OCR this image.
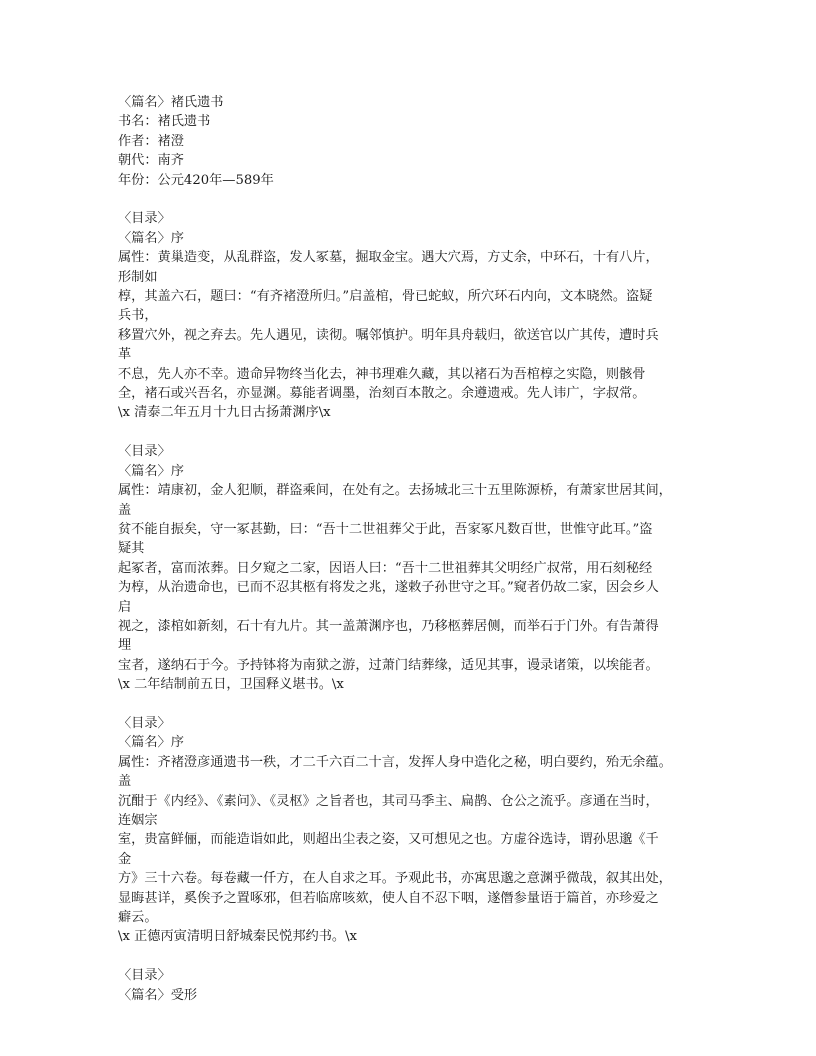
〈篇名〉褚氏遗书
书名：褚氏遗书
作者：褚澄
朝代：南齐
年份：公元420年—589年
〈目录〉
〈篇名〉序
属性：黄巢造变，从乱群盗，发人冢墓，掘取金宝。遇大穴焉，方丈余，中环石，十有八片，
形制如
椁，其盖六石，题曰：“有齐褚澄所归。”启盖棺，骨已蛇蚁，所穴环石内向，文本晓然。盗疑
兵书，
移置穴外，视之弃去。先人遇见，读彻。嘱邻慎护。明年具舟载归，欲送官以广其传，遭时兵
革
不息，先人亦不幸。遗命异物终当化去，神书理难久藏，其以褚石为吾棺椁之实隐，则骸骨
全，褚石或兴吾名，亦显渊。募能者调墨，治刻百本散之。余遵遗戒。先人讳广，字叔常。
\x 清泰二年五月十九日古扬萧渊序\x
〈目录〉
〈篇名〉序
属性：靖康初，金人犯顺，群盗乘间，在处有之。去扬城北三十五里陈源桥，有萧家世居其间，
盖
贫不能自振矣，守一冢甚勤，曰：“吾十二世祖葬父于此，吾家冢凡数百世，世惟守此耳。”盗
疑其
起冢者，富而浓葬。日夕窥之二家，因语人曰：“吾十二世祖葬其父明经广叔常，用石刻秘经
为椁，从治遗命也，已而不忍其柩有将发之兆，遂敕子孙世守之耳。”窥者仍故二家，因会乡人
启
视之，漆棺如新刻，石十有九片。其一盖萧渊序也，乃移柩葬居侧，而举石于门外。有告萧得
埋
宝者，遂纳石于今。予持钵将为南狱之游，过萧门结葬缘，适见其事，谩录诸策，以埃能者。
\x 二年结制前五日，卫国释义堪书。\x
〈目录〉
〈篇名〉序
属性：齐褚澄彦通遗书一秩，才二千六百二十言，发挥人身中造化之秘，明白要约，殆无余蕴。
盖
沉酣于《内经》、《素问》、《灵枢》之旨者也，其司马季主、扁鹊、仓公之流乎。彦通在当时，
连姻宗
室，贵富鲜俪，而能造诣如此，则超出尘表之姿，又可想见之也。方虚谷选诗，谓孙思邈《千
金
方》三十六卷。每卷藏一仟方，在人自求之耳。予观此书，亦寓思邈之意渊乎微哉，叙其出处，
显晦甚详，奚俟予之置啄邪，但若临席咳欬，使人自不忍下咽，遂僭参量语于篇首，亦珍爱之
癖云。
\x 正德丙寅清明日舒城秦民悦邦约书。\x
〈目录〉
〈篇名〉受形
